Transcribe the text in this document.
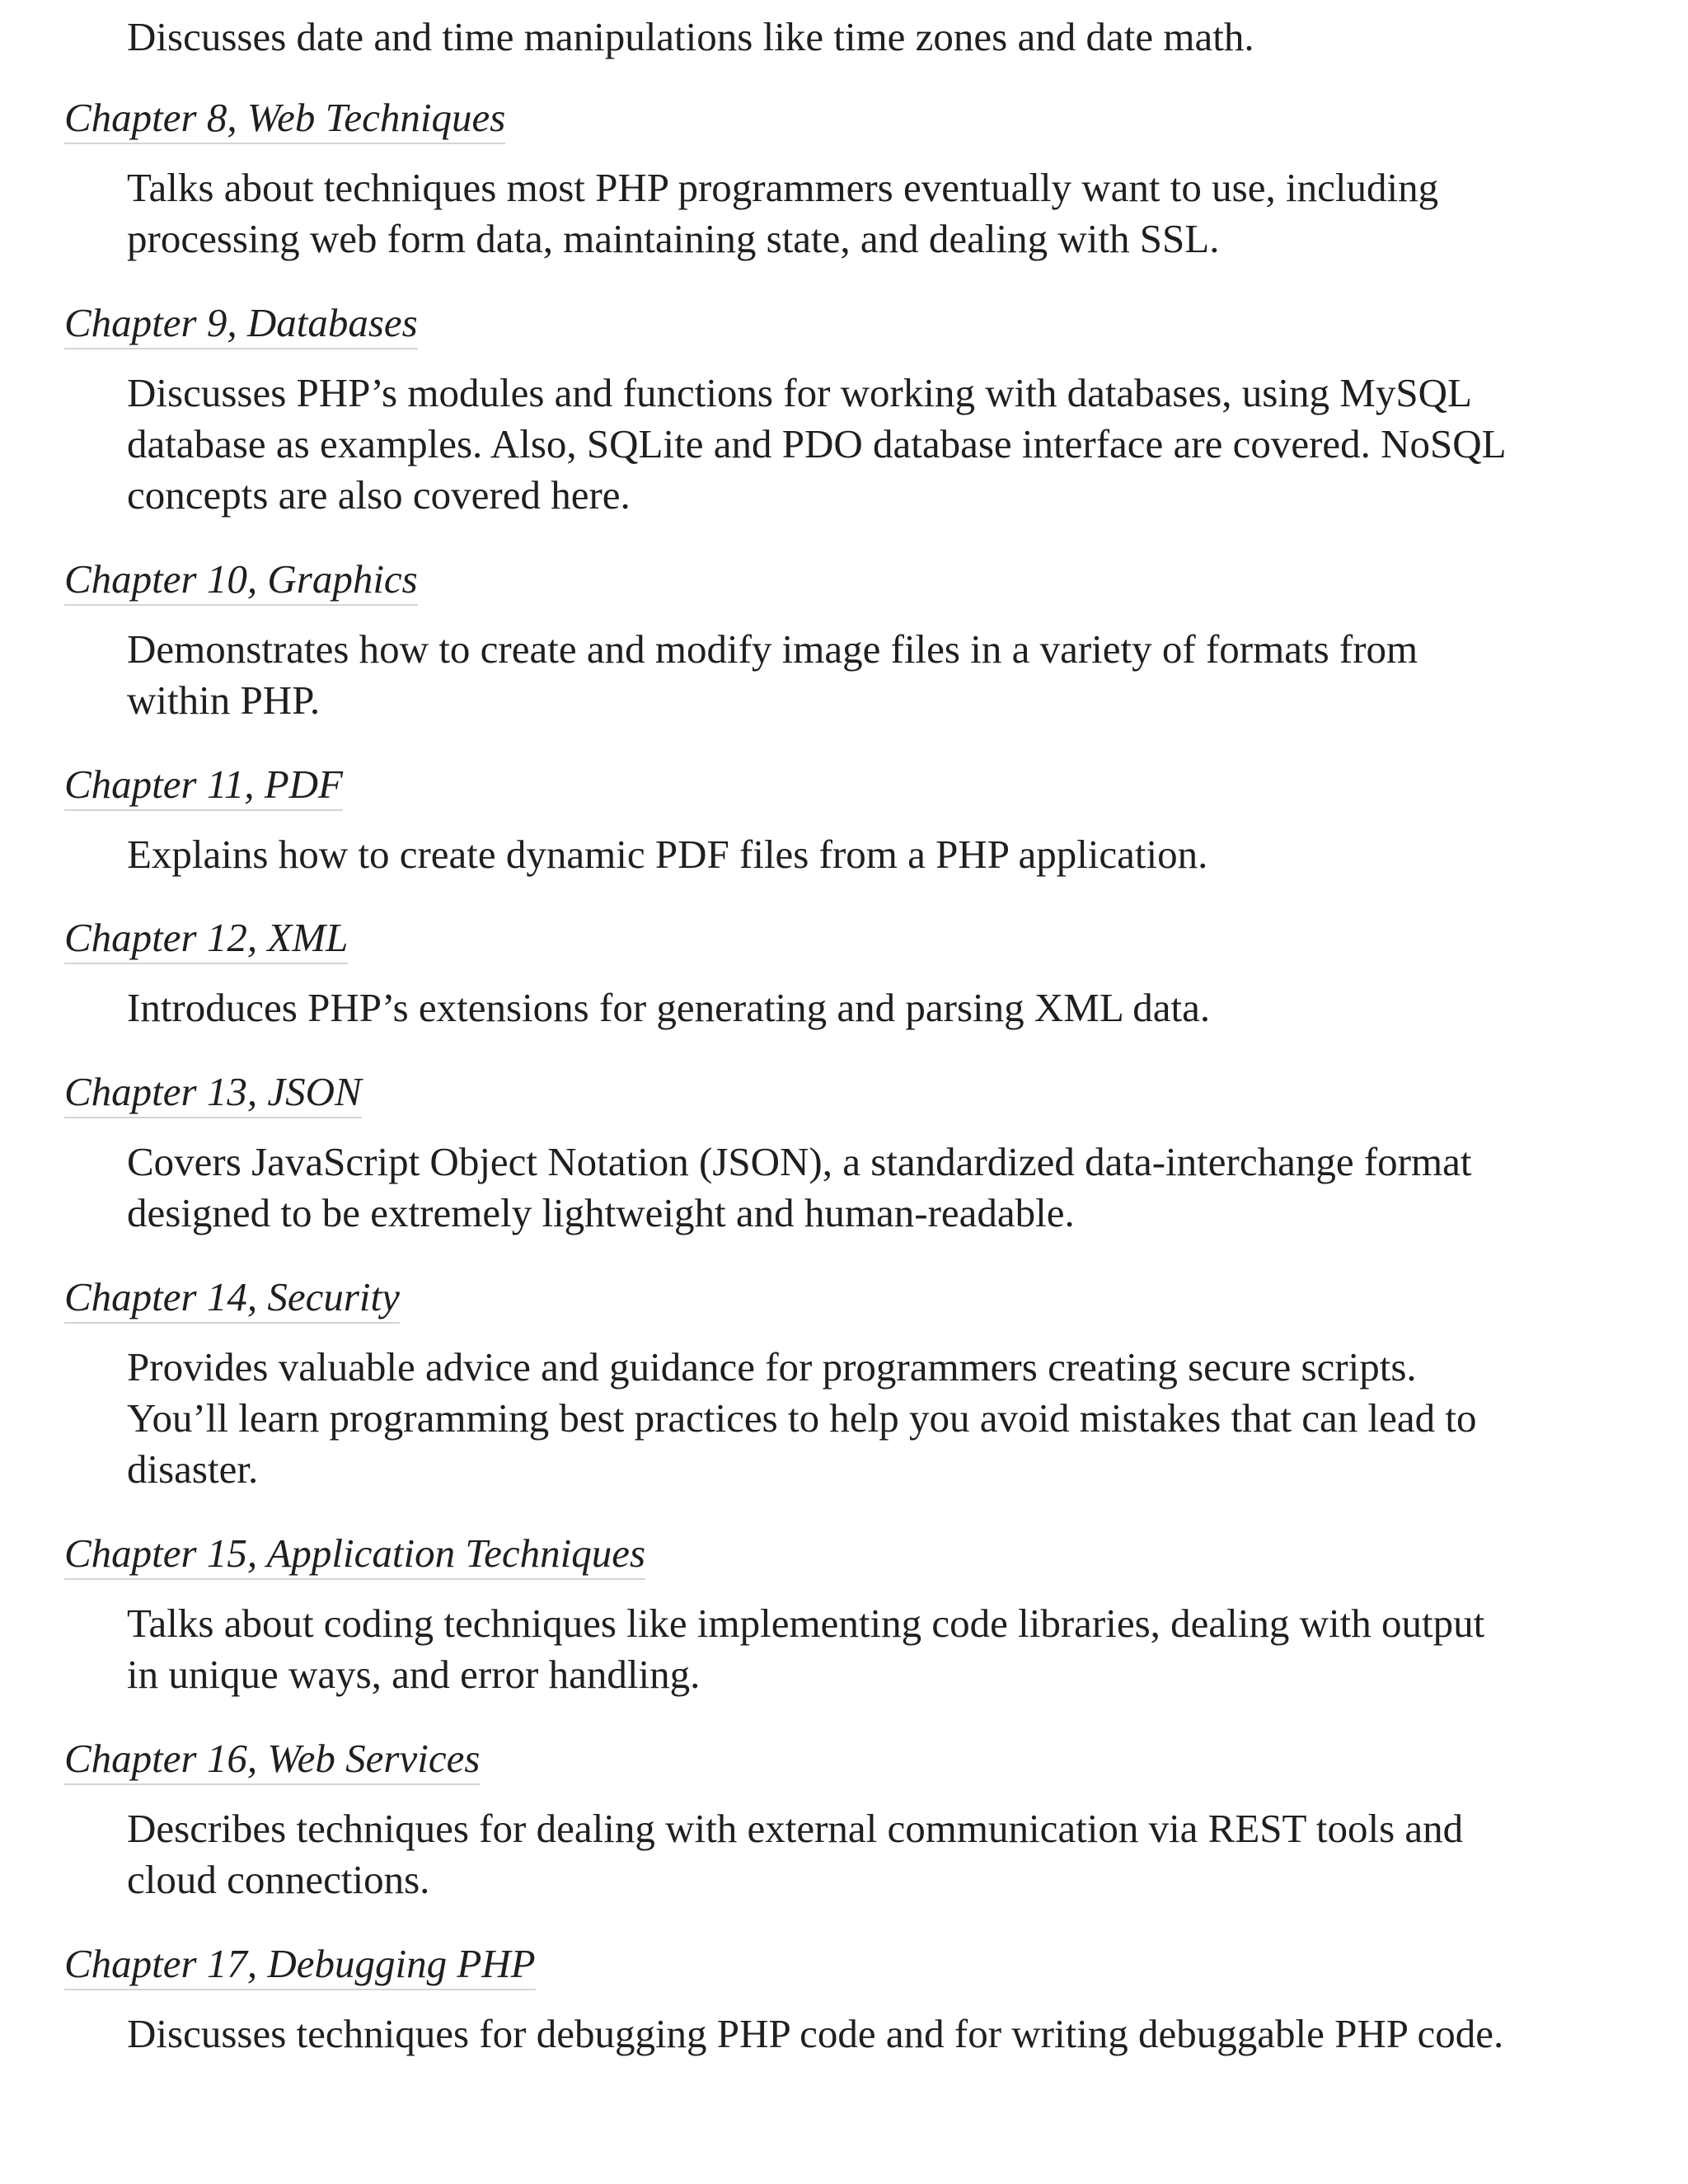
Discusses date and time manipulations like time zones and date math.

Chapter 8, Web Techniques
Talks about techniques most PHP programmers eventually want to use, including processing web form data, maintaining state, and dealing with SSL.
Chapter 9, Databases
Discusses PHP’s modules and functions for working with databases, using MySQL database as examples. Also, SQLite and PDO database interface are covered. NoSQL concepts are also covered here.
Chapter 10, Graphics
Demonstrates how to create and modify image files in a variety of formats from within PHP.
Chapter 11, PDF
Explains how to create dynamic PDF files from a PHP application.
Chapter 12, XML
Introduces PHP’s extensions for generating and parsing XML data.
Chapter 13, JSON
Covers JavaScript Object Notation (JSON), a standardized data-interchange format designed to be extremely lightweight and human-readable.
Chapter 14, Security
Provides valuable advice and guidance for programmers creating secure scripts. You’ll learn programming best practices to help you avoid mistakes that can lead to disaster.
Chapter 15, Application Techniques
Talks about coding techniques like implementing code libraries, dealing with output in unique ways, and error handling.
Chapter 16, Web Services
Describes techniques for dealing with external communication via REST tools and cloud connections.
Chapter 17, Debugging PHP
Discusses techniques for debugging PHP code and for writing debuggable PHP code.
